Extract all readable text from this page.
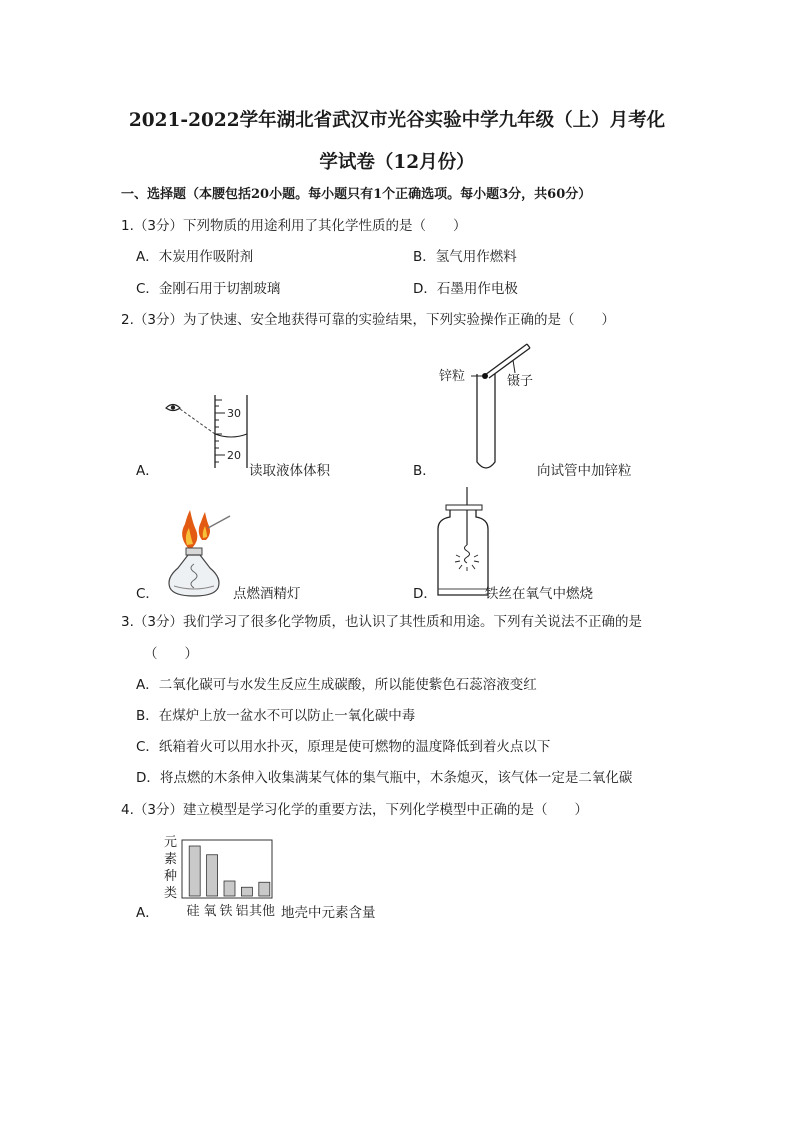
2021-2022学年湖北省武汉市光谷实验中学九年级（上）月考化
学试卷（12月份）
一、选择题（本腰包括20小题。每小题只有1个正确选项。每小题3分，共60分）
1.（3分）下列物质的用途利用了其化学性质的是（　　）
A．木炭用作吸附剂	B．氢气用作燃料
C．金刚石用于切割玻璃	D．石墨用作电极
2.（3分）为了快速、安全地获得可靠的实验结果，下列实验操作正确的是（　　）
A．
30
20
读取液体体积	B．
锌粒	镊子
向试管中加锌粒
C．	点燃酒精灯	D．	铁丝在氧气中燃烧
3.（3分）我们学习了很多化学物质，也认识了其性质和用途。下列有关说法不正确的是
（　　）
A．二氧化碳可与水发生反应生成碳酸，所以能使紫色石蕊溶液变红
B．在煤炉上放一盆水不可以防止一氧化碳中毒
C．纸箱着火可以用水扑灭，原理是使可燃物的温度降低到着火点以下
D．将点燃的木条伸入收集满某气体的集气瓶中，木条熄灭，该气体一定是二氧化碳
4.（3分）建立模型是学习化学的重要方法，下列化学模型中正确的是（　　）
A．
元
素
种
类
硅 氧 铁 铝 其他 地壳中元素含量
